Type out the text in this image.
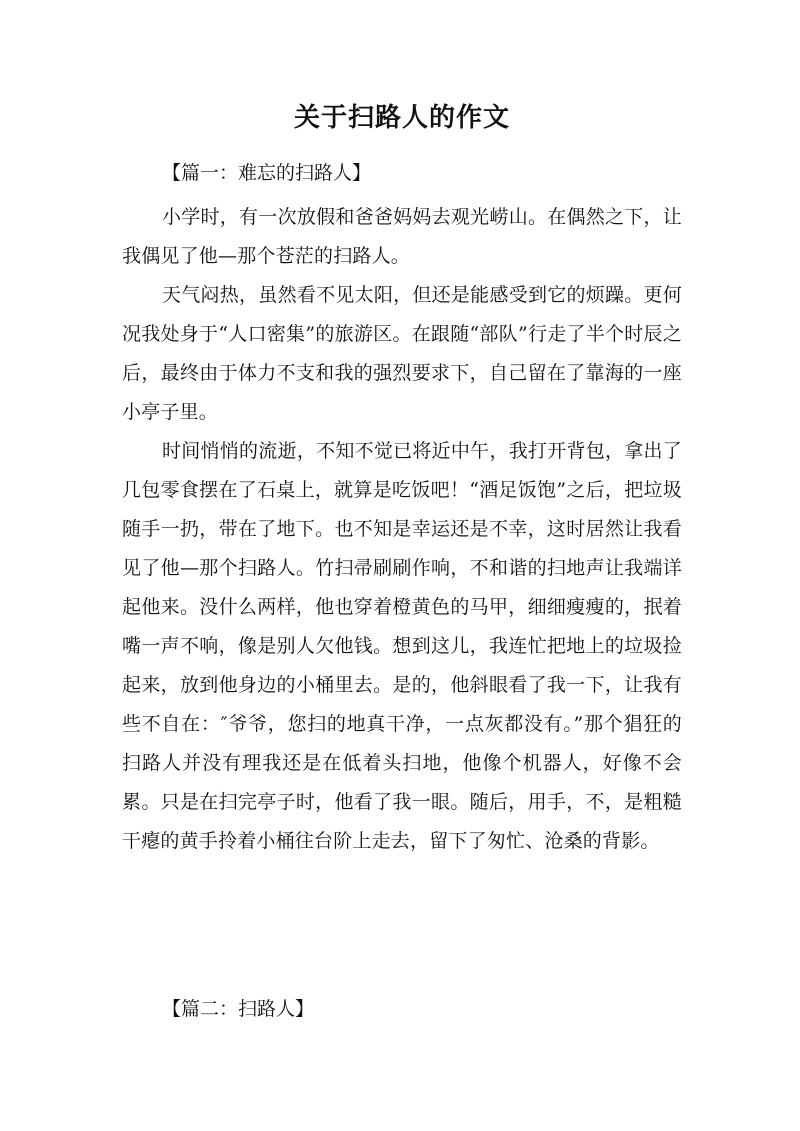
关于扫路人的作文
【篇一：难忘的扫路人】

小学时，有一次放假和爸爸妈妈去观光崂山。在偶然之下，让我偶见了他—那个苍茫的扫路人。

天气闷热，虽然看不见太阳，但还是能感受到它的烦躁。更何况我处身于“人口密集”的旅游区。在跟随“部队”行走了半个时辰之后，最终由于体力不支和我的强烈要求下，自己留在了靠海的一座小亭子里。

时间悄悄的流逝，不知不觉已将近中午，我打开背包，拿出了几包零食摆在了石桌上，就算是吃饭吧！“酒足饭饱”之后，把垃圾随手一扔，带在了地下。也不知是幸运还是不幸，这时居然让我看见了他—那个扫路人。竹扫帚刷刷作响，不和谐的扫地声让我端详起他来。没什么两样，他也穿着橙黄色的马甲，细细瘦瘦的，抿着嘴一声不响，像是别人欠他钱。想到这儿，我连忙把地上的垃圾捡起来，放到他身边的小桶里去。是的，他斜眼看了我一下，让我有些不自在：″爷爷，您扫的地真干净，一点灰都没有。”那个猖狂的扫路人并没有理我还是在低着头扫地，他像个机器人，好像不会累。只是在扫完亭子时，他看了我一眼。随后，用手，不，是粗糙干瘪的黄手拎着小桶往台阶上走去，留下了匆忙、沧桑的背影。

【篇二：扫路人】
